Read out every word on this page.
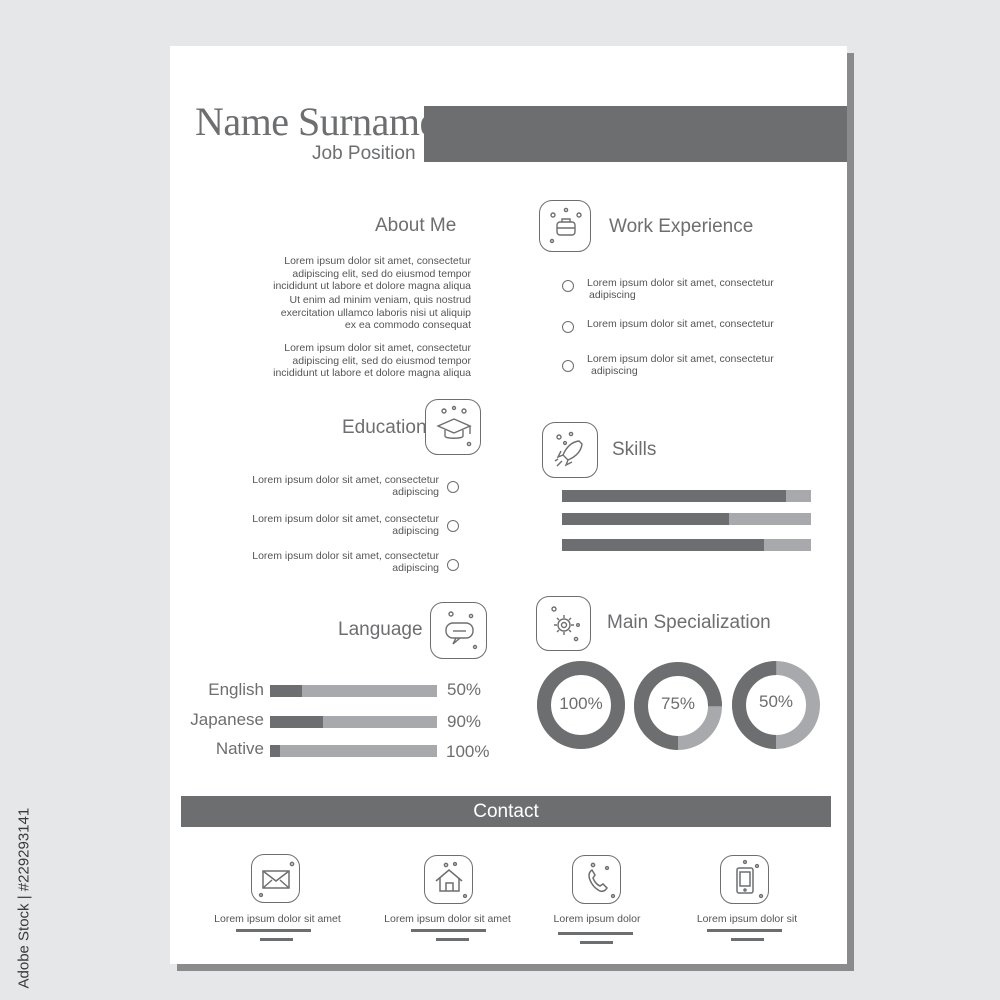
Adobe Stock | #229293141
Name Surname
Job Position
About Me
Lorem ipsum dolor sit amet, consectetur
adipiscing elit, sed do eiusmod tempor
incididunt ut labore et dolore magna aliqua
Ut enim ad minim veniam, quis nostrud
exercitation ullamco laboris nisi ut aliquip
ex ea commodo consequat
Lorem ipsum dolor sit amet, consectetur
adipiscing elit, sed do eiusmod tempor
incididunt ut labore et dolore magna aliqua
Work Experience
Lorem ipsum dolor sit amet, consectetur
adipiscing
Lorem ipsum dolor sit amet, consectetur
Lorem ipsum dolor sit amet, consectetur
adipiscing
Education
Lorem ipsum dolor sit amet, consectetur
adipiscing
Lorem ipsum dolor sit amet, consectetur
adipiscing
Lorem ipsum dolor sit amet, consectetur
adipiscing
Skills
Language
English	50%
Japanese	90%
Native	100%
Main Specialization
100%	75%	50%
Contact
Lorem ipsum dolor sit amet	Lorem ipsum dolor sit amet	Lorem ipsum dolor	Lorem ipsum dolor sit
